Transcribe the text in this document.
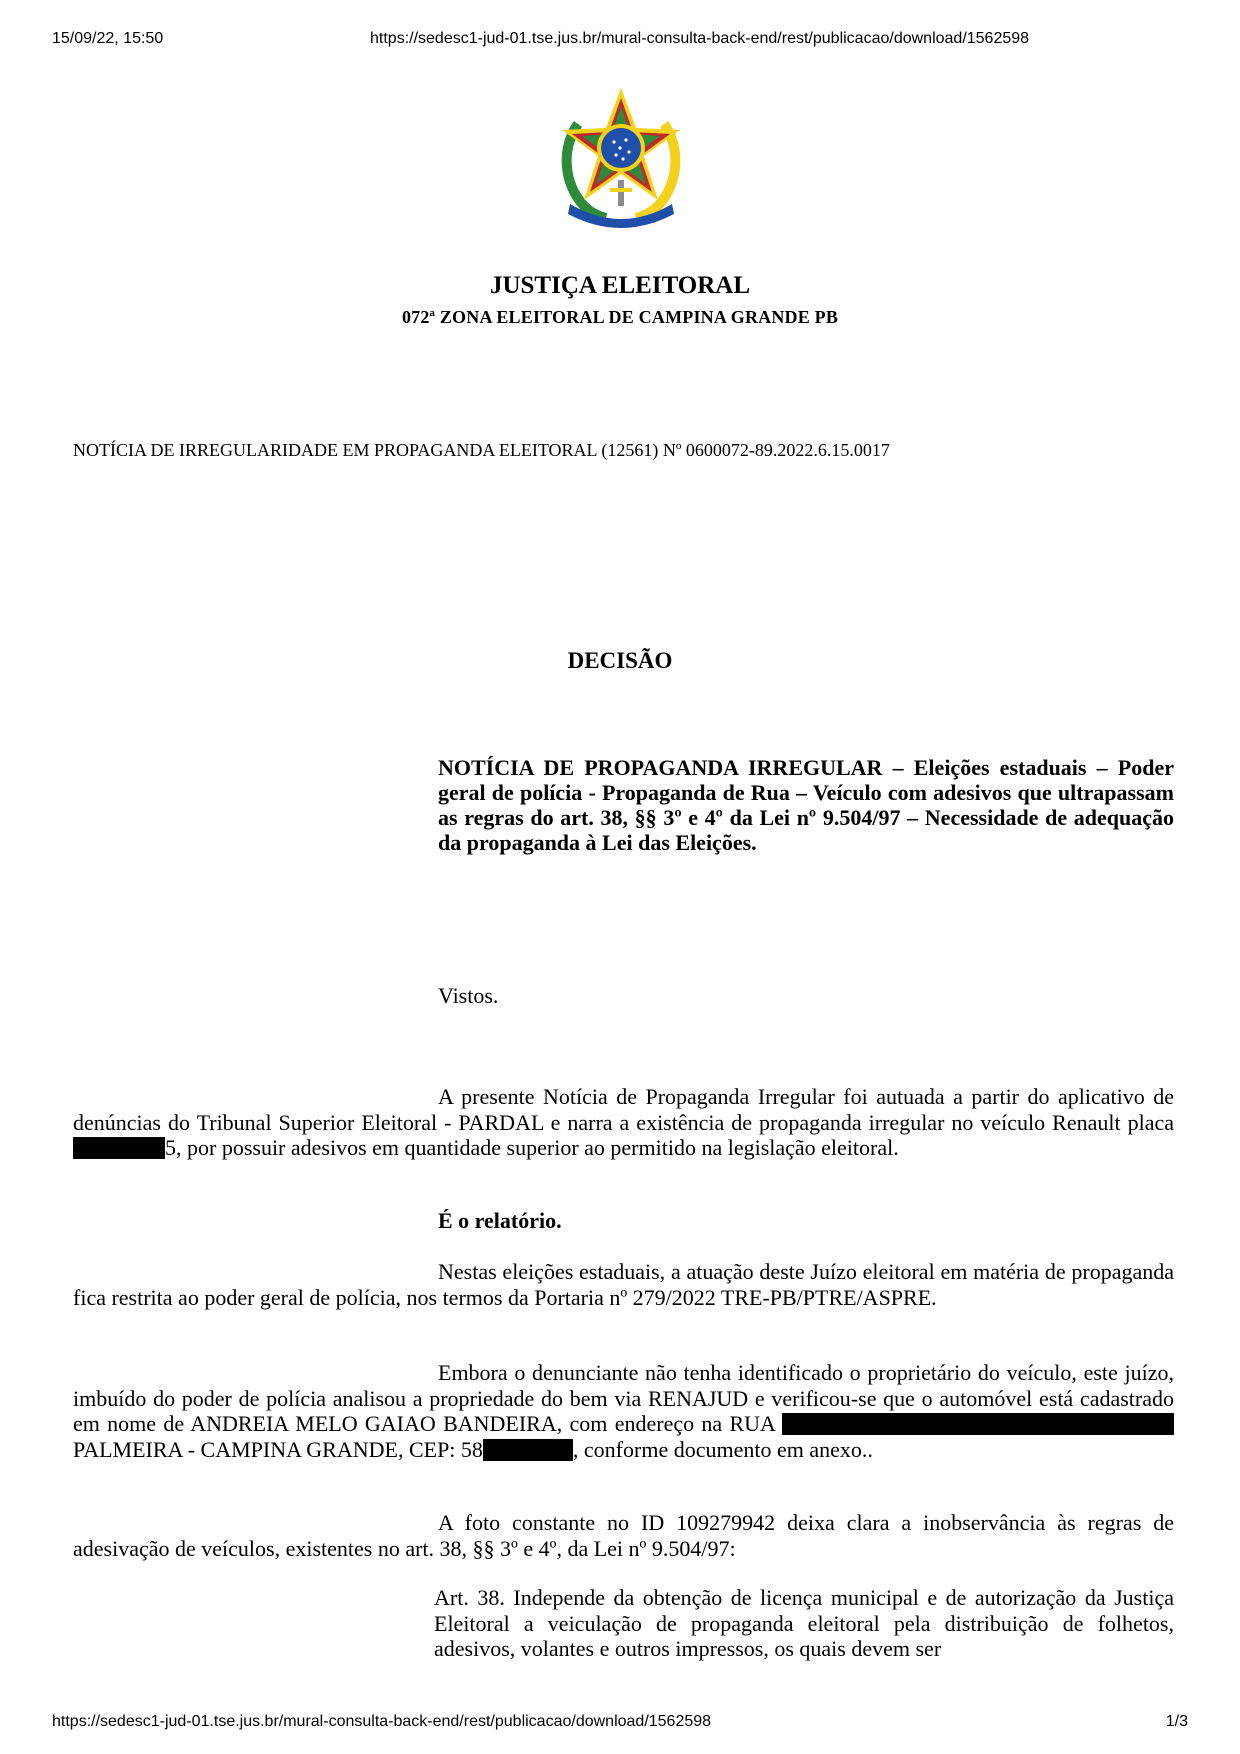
15/09/22, 15:50	https://sedesc1-jud-01.tse.jus.br/mural-consulta-back-end/rest/publicacao/download/1562598
JUSTIÇA ELEITORAL
072ª ZONA ELEITORAL DE CAMPINA GRANDE PB
NOTÍCIA DE IRREGULARIDADE EM PROPAGANDA ELEITORAL (12561) Nº 0600072-89.2022.6.15.0017
DECISÃO
NOTÍCIA DE PROPAGANDA IRREGULAR – Eleições estaduais – Poder geral de polícia - Propaganda de Rua – Veículo com adesivos que ultrapassam as regras do art. 38, §§ 3º e 4º da Lei nº 9.504/97 – Necessidade de adequação da propaganda à Lei das Eleições.
Vistos.
A presente Notícia de Propaganda Irregular foi autuada a partir do aplicativo de denúncias do Tribunal Superior Eleitoral - PARDAL e narra a existência de propaganda irregular no veículo Renault placa 5, por possuir adesivos em quantidade superior ao permitido na legislação eleitoral.
É o relatório.
Nestas eleições estaduais, a atuação deste Juízo eleitoral em matéria de propaganda fica restrita ao poder geral de polícia, nos termos da Portaria nº 279/2022 TRE-PB/PTRE/ASPRE.
Embora o denunciante não tenha identificado o proprietário do veículo, este juízo, imbuído do poder de polícia analisou a propriedade do bem via RENAJUD e verificou-se que o automóvel está cadastrado em nome de ANDREIA MELO GAIAO BANDEIRA, com endereço na RUA  PALMEIRA - CAMPINA GRANDE, CEP: 58	, conforme documento em anexo..
A foto constante no ID 109279942 deixa clara a inobservância às regras de adesivação de veículos, existentes no art. 38, §§ 3º e 4º, da Lei nº 9.504/97:
Art. 38. Independe da obtenção de licença municipal e de autorização da Justiça Eleitoral a veiculação de propaganda eleitoral pela distribuição de folhetos, adesivos, volantes e outros impressos, os quais devem ser
https://sedesc1-jud-01.tse.jus.br/mural-consulta-back-end/rest/publicacao/download/1562598	1/3
